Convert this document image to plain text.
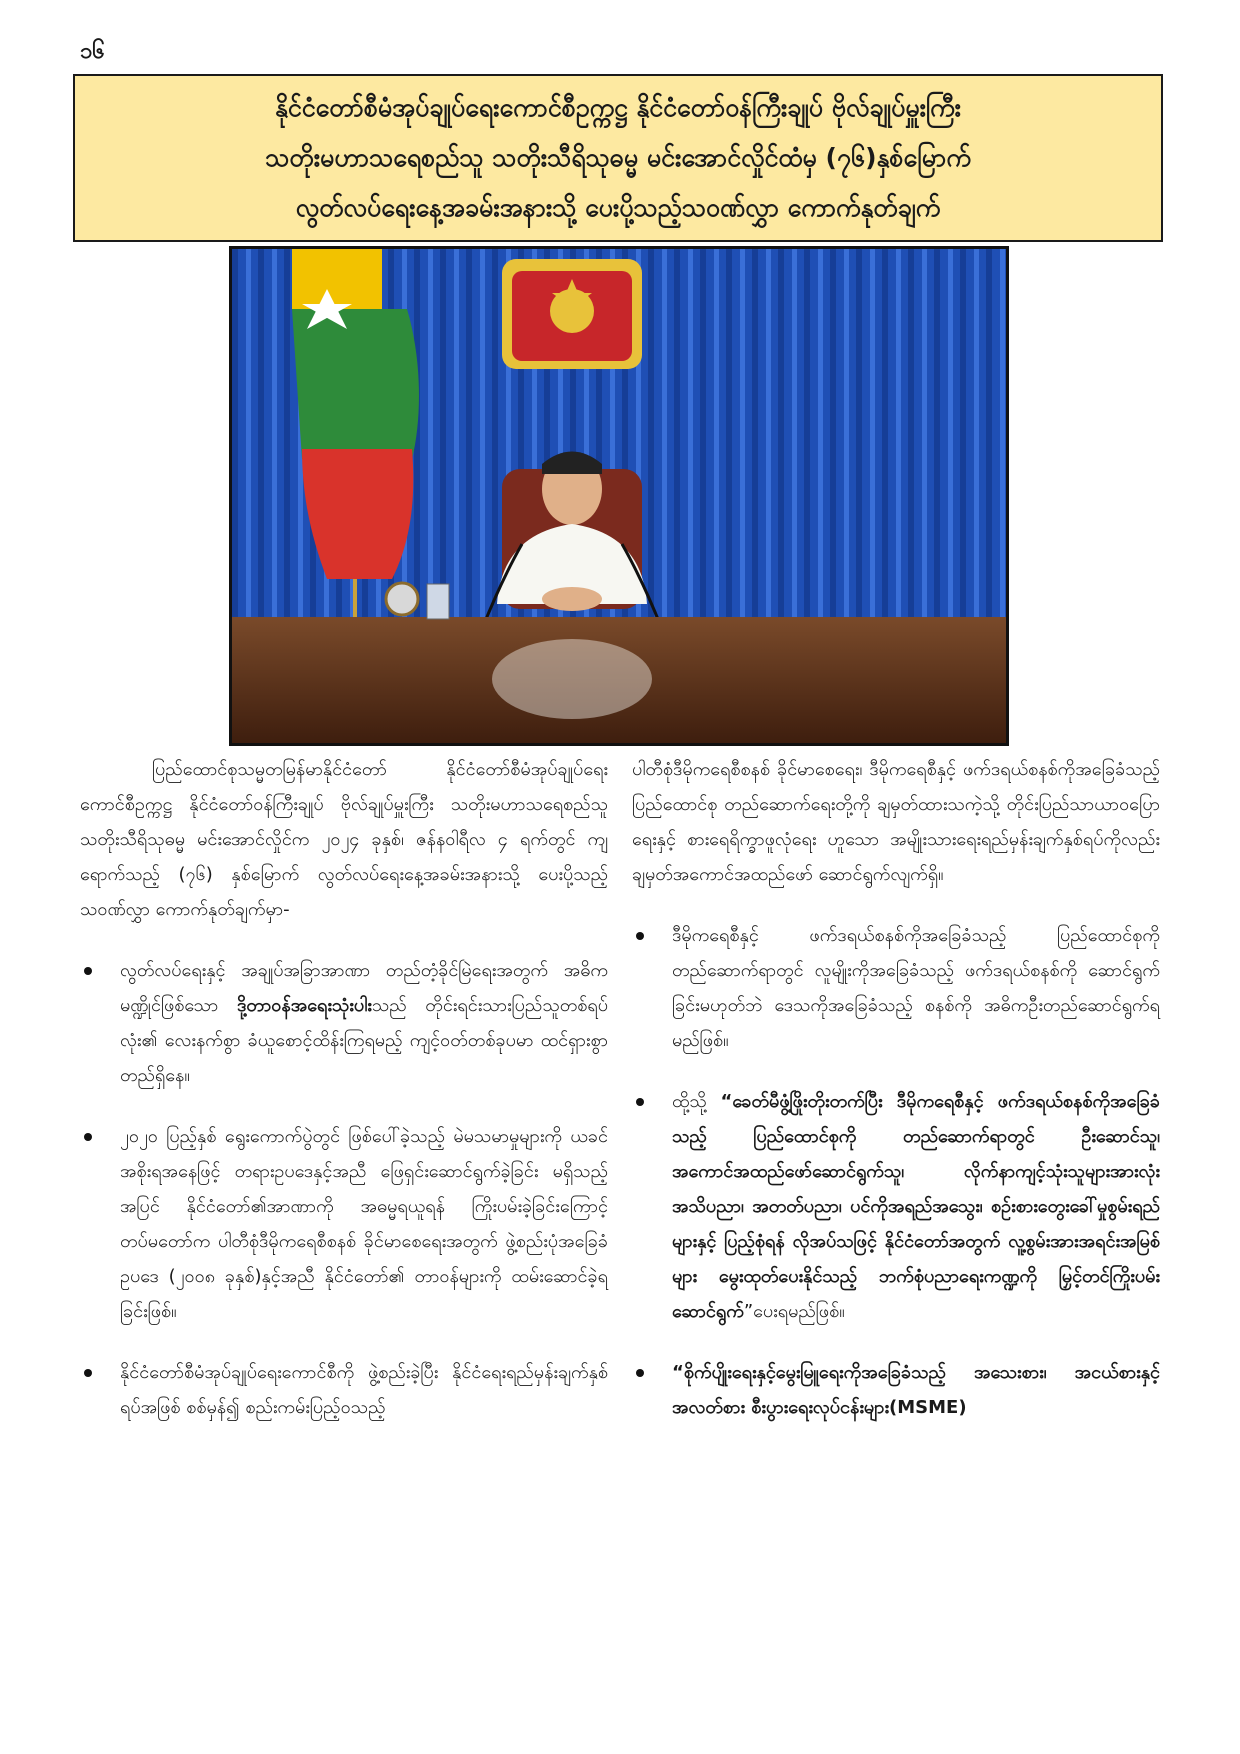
၁၆
နိုင်ငံတော်စီမံအုပ်ချုပ်ရေးကောင်စီဥက္ကဋ္ဌ နိုင်ငံတော်ဝန်ကြီးချုပ် ဗိုလ်ချုပ်မှူးကြီး
သတိုးမဟာသရေစည်သူ သတိုးသီရိသုဓမ္မ မင်းအောင်လှိုင်ထံမှ (၇၆)နှစ်မြောက်
လွတ်လပ်ရေးနေ့အခမ်းအနားသို့ ပေးပို့သည့်သဝဏ်လွှာ ကောက်နုတ်ချက်

ပြည်ထောင်စုသမ္မတမြန်မာနိုင်ငံတော် နိုင်ငံတော်စီမံအုပ်ချုပ်ရေးကောင်စီဥက္ကဋ္ဌ နိုင်ငံတော်ဝန်ကြီးချုပ် ဗိုလ်ချုပ်မှူးကြီး သတိုးမဟာသရေစည်သူ သတိုးသီရိသုဓမ္မ မင်းအောင်လှိုင်က ၂၀၂၄ ခုနှစ်၊ ဇန်နဝါရီလ ၄ ရက်တွင် ကျရောက်သည့် (၇၆) နှစ်မြောက် လွတ်လပ်ရေးနေ့အခမ်းအနားသို့ ပေးပို့သည့်သဝဏ်လွှာ ကောက်နုတ်ချက်မှာ-

လွတ်လပ်ရေးနှင့် အချုပ်အခြာအာဏာ တည်တံ့ခိုင်မြဲရေးအတွက် အဓိကမဏ္ဍိုင်ဖြစ်သော ဒို့တာဝန်အရေးသုံးပါးသည် တိုင်းရင်းသားပြည်သူတစ်ရပ်လုံး၏ လေးနက်စွာ ခံယူစောင့်ထိန်းကြရမည့် ကျင့်ဝတ်တစ်ခုပမာ ထင်ရှားစွာ တည်ရှိနေ။
၂၀၂၀ ပြည့်နှစ် ရွေးကောက်ပွဲတွင် ဖြစ်ပေါ်ခဲ့သည့် မဲမသမာမှုများကို ယခင်အစိုးရအနေဖြင့် တရားဥပဒေနှင့်အညီ ဖြေရှင်းဆောင်ရွက်ခဲ့ခြင်း မရှိသည့်အပြင် နိုင်ငံတော်၏အာဏာကို အဓမ္မရယူရန် ကြိုးပမ်းခဲ့ခြင်းကြောင့် တပ်မတော်က ပါတီစုံဒီမိုကရေစီစနစ် ခိုင်မာစေရေးအတွက် ဖွဲ့စည်းပုံအခြေခံဥပဒေ (၂၀၀၈ ခုနှစ်)နှင့်အညီ နိုင်ငံတော်၏ တာဝန်များကို ထမ်းဆောင်ခဲ့ရခြင်းဖြစ်။
နိုင်ငံတော်စီမံအုပ်ချုပ်ရေးကောင်စီကို ဖွဲ့စည်းခဲ့ပြီး နိုင်ငံရေးရည်မှန်းချက်နှစ်ရပ်အဖြစ် စစ်မှန်၍ စည်းကမ်းပြည့်ဝသည့်

ပါတီစုံဒီမိုကရေစီစနစ် ခိုင်မာစေရေး၊ ဒီမိုကရေစီနှင့် ဖက်ဒရယ်စနစ်ကိုအခြေခံသည့် ပြည်ထောင်စု တည်ဆောက်ရေးတို့ကို ချမှတ်ထားသကဲ့သို့ တိုင်းပြည်သာယာဝပြောရေးနှင့် စားရေရိက္ခာဖူလုံရေး ဟူသော အမျိုးသားရေးရည်မှန်းချက်နှစ်ရပ်ကိုလည်း ချမှတ်အကောင်အထည်ဖော် ဆောင်ရွက်လျက်ရှိ။

ဒီမိုကရေစီနှင့် ဖက်ဒရယ်စနစ်ကိုအခြေခံသည့် ပြည်ထောင်စုကို တည်ဆောက်ရာတွင် လူမျိုးကိုအခြေခံသည့် ဖက်ဒရယ်စနစ်ကို ဆောင်ရွက်ခြင်းမဟုတ်ဘဲ ဒေသကိုအခြေခံသည့် စနစ်ကို အဓိကဦးတည်ဆောင်ရွက်ရမည်ဖြစ်။
ထို့သို့ “ခေတ်မီဖွံ့ဖြိုးတိုးတက်ပြီး ဒီမိုကရေစီနှင့် ဖက်ဒရယ်စနစ်ကိုအခြေခံသည့် ပြည်ထောင်စုကို တည်ဆောက်ရာတွင် ဦးဆောင်သူ၊ အကောင်အထည်ဖော်ဆောင်ရွက်သူ၊ လိုက်နာကျင့်သုံးသူများအားလုံး အသိပညာ၊ အတတ်ပညာ၊ ပင်ကိုအရည်အသွေး၊ စဉ်းစားတွေးခေါ်မှုစွမ်းရည်များနှင့် ပြည့်စုံရန် လိုအပ်သဖြင့် နိုင်ငံတော်အတွက် လူ့စွမ်းအားအရင်းအမြစ်များ မွေးထုတ်ပေးနိုင်သည့် ဘက်စုံပညာရေးကဏ္ဍကို မြှင့်တင်ကြိုးပမ်းဆောင်ရွက်”ပေးရမည်ဖြစ်။
“စိုက်ပျိုးရေးနှင့်မွေးမြူရေးကိုအခြေခံသည့် အသေးစား၊ အငယ်စားနှင့် အလတ်စား စီးပွားရေးလုပ်ငန်းများ(MSME)
